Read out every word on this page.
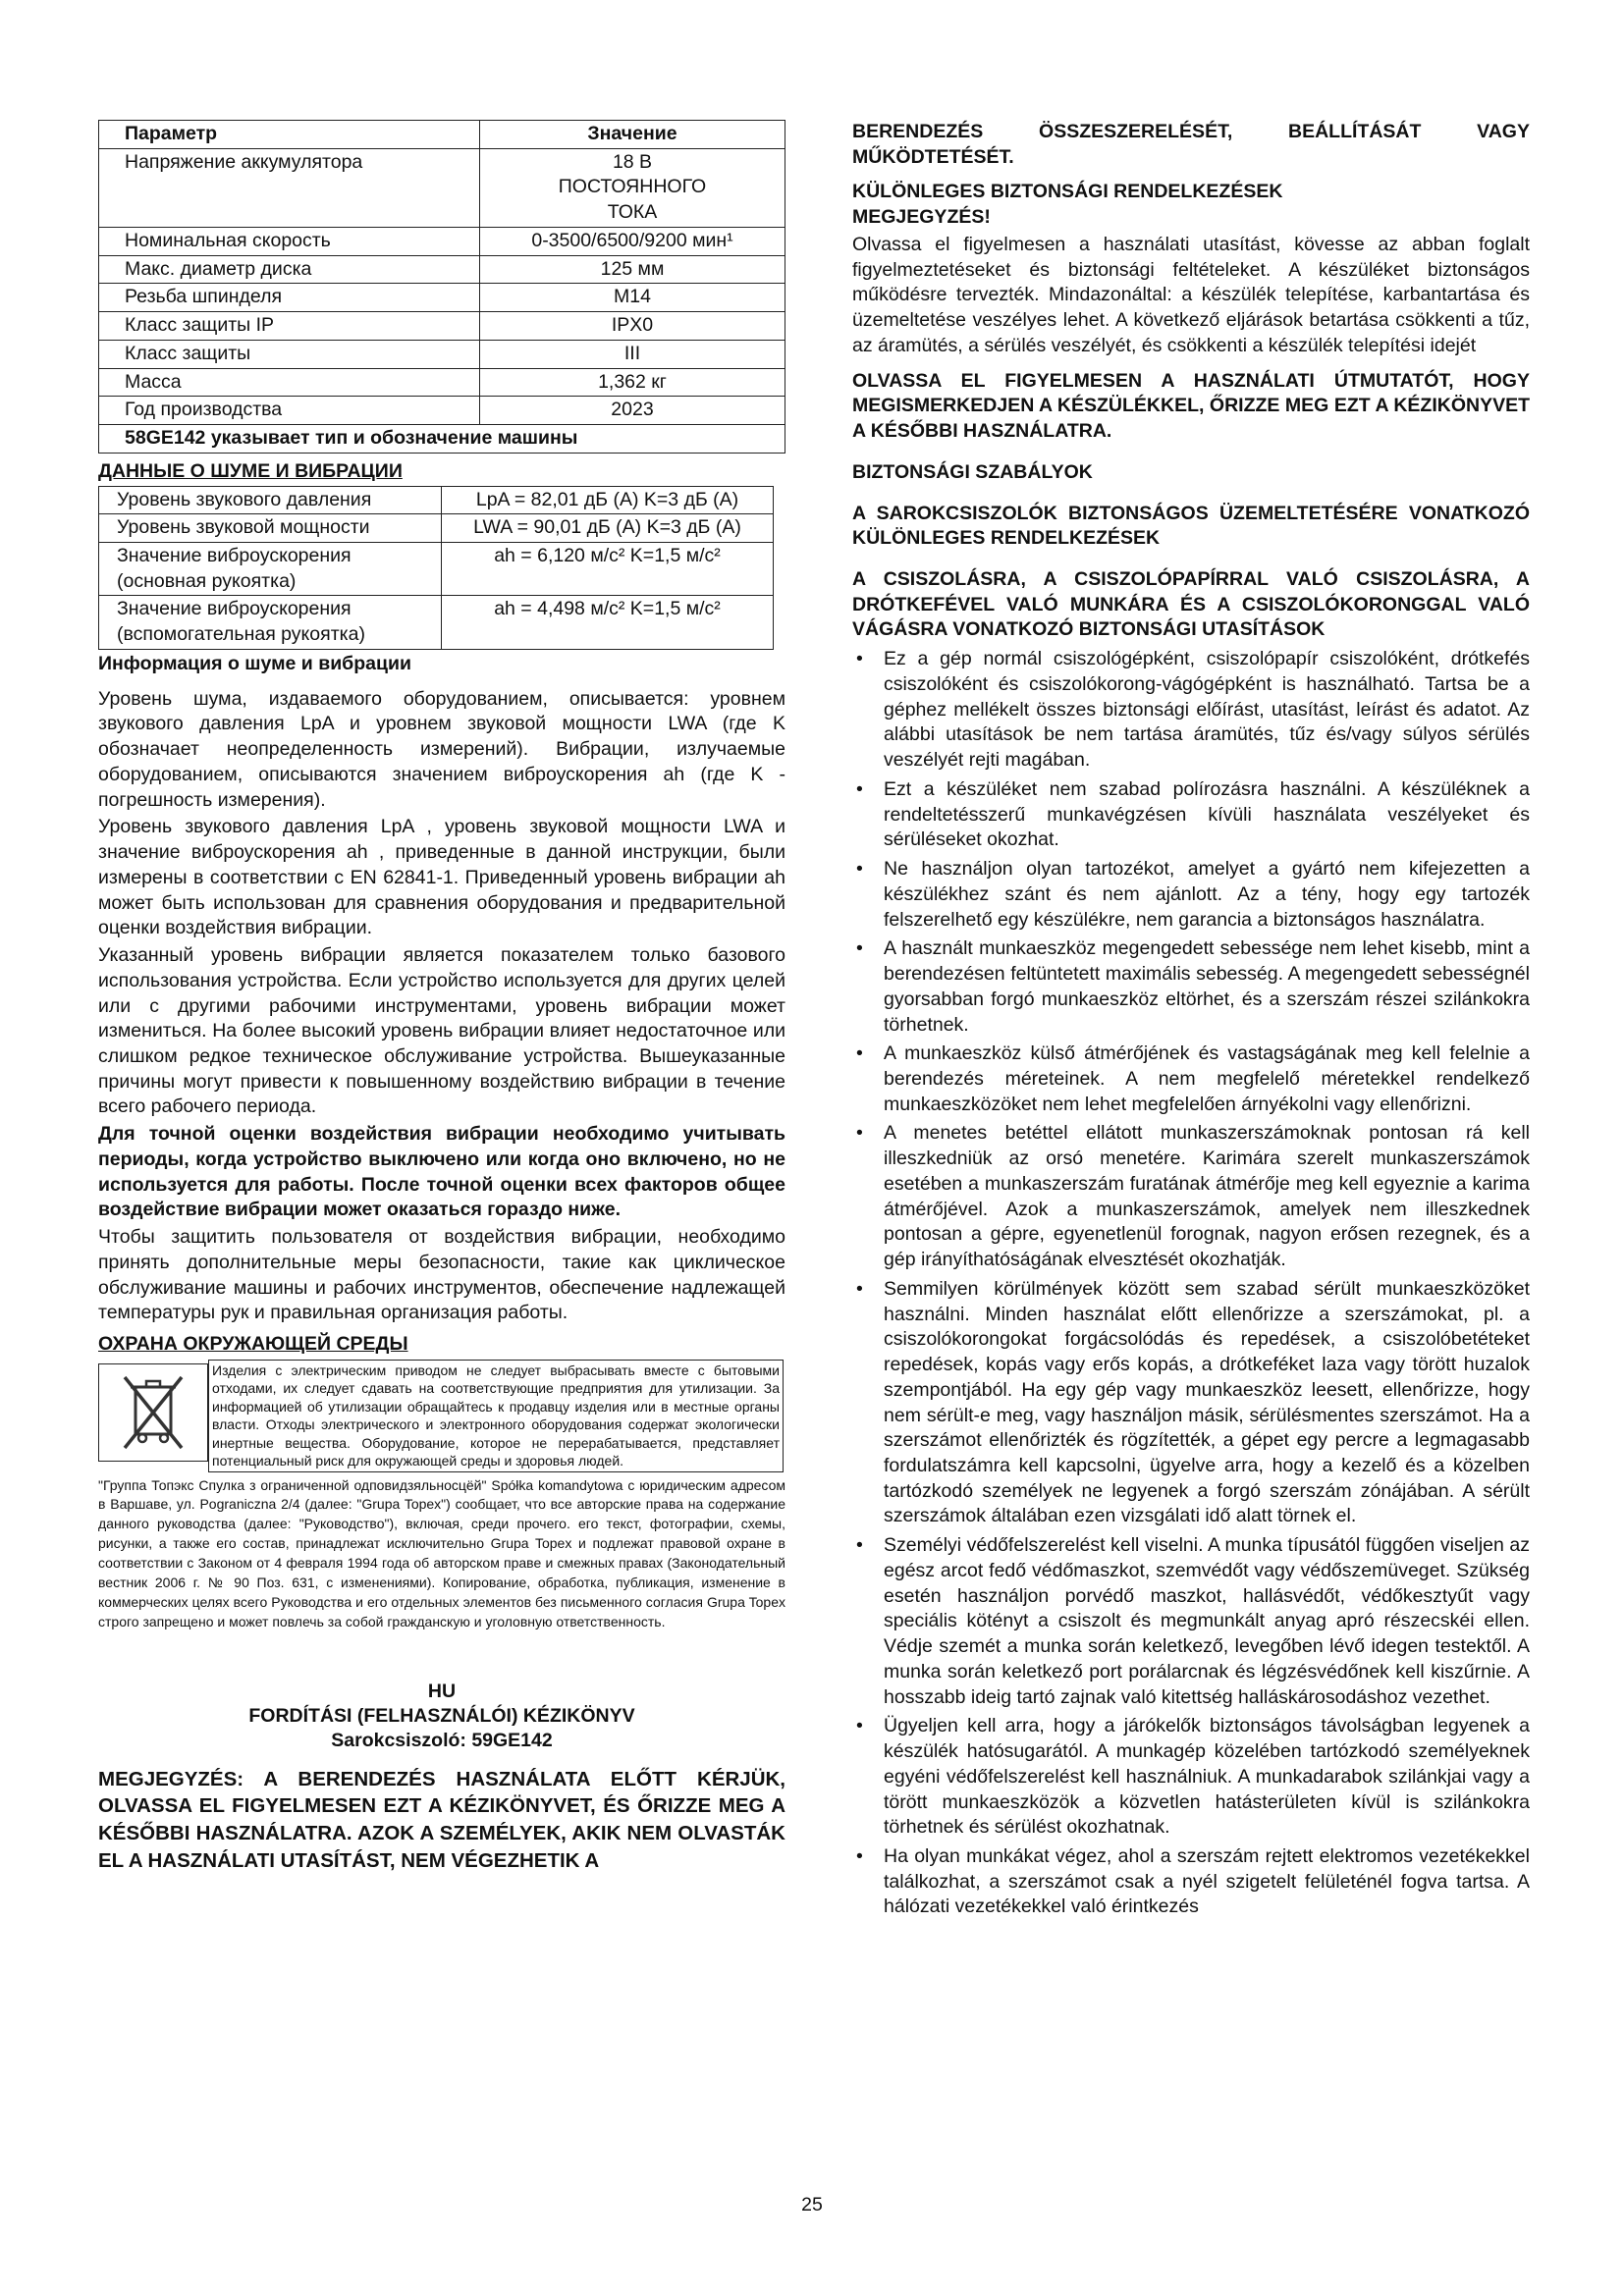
Параметр	Значение
Напряжение аккумулятора	18 В ПОСТОЯННОГО ТОКА
Номинальная скорость	0-3500/6500/9200 мин¹
Макс. диаметр диска	125 мм
Резьба шпинделя	M14
Класс защиты IP	IPX0
Класс защиты	III
Масса	1,362 кг
Год производства	2023
58GE142 указывает тип и обозначение машины	
ДАННЫЕ О ШУМЕ И ВИБРАЦИИ
Уровень звукового давления	LpA = 82,01 дБ (A) K=3 дБ (A)
Уровень звуковой мощности	LWA = 90,01 дБ (A) K=3 дБ (A)
Значение виброускорения (основная рукоятка)	ah = 6,120 м/с² K=1,5 м/с²
Значение виброускорения (вспомогательная рукоятка)	ah = 4,498 м/с² K=1,5 м/с²
Информация о шуме и вибрации

Уровень шума, издаваемого оборудованием, описывается: уровнем звукового давления LpA и уровнем звуковой мощности LWA (где K обозначает неопределенность измерений). Вибрации, излучаемые оборудованием, описываются значением виброускорения ah (где K - погрешность измерения).

Уровень звукового давления LpA , уровень звуковой мощности LWA и значение виброускорения ah , приведенные в данной инструкции, были измерены в соответствии с EN 62841-1. Приведенный уровень вибрации ah может быть использован для сравнения оборудования и предварительной оценки воздействия вибрации.

Указанный уровень вибрации является показателем только базового использования устройства. Если устройство используется для других целей или с другими рабочими инструментами, уровень вибрации может измениться. На более высокий уровень вибрации влияет недостаточное или слишком редкое техническое обслуживание устройства. Вышеуказанные причины могут привести к повышенному воздействию вибрации в течение всего рабочего периода.

Для точной оценки воздействия вибрации необходимо учитывать периоды, когда устройство выключено или когда оно включено, но не используется для работы. После точной оценки всех факторов общее воздействие вибрации может оказаться гораздо ниже.

Чтобы защитить пользователя от воздействия вибрации, необходимо принять дополнительные меры безопасности, такие как циклическое обслуживание машины и рабочих инструментов, обеспечение надлежащей температуры рук и правильная организация работы.

ОХРАНА ОКРУЖАЮЩЕЙ СРЕДЫ
Изделия с электрическим приводом не следует выбрасывать вместе с бытовыми отходами, их следует сдавать на соответствующие предприятия для утилизации. За информацией об утилизации обращайтесь к продавцу изделия или в местные органы власти. Отходы электрического и электронного оборудования содержат экологически инертные вещества. Оборудование, которое не перерабатывается, представляет потенциальный риск для окружающей среды и здоровья людей.

"Группа Топэкс Спулка з ограниченной одповидзяльносцёй" Spółka komandytowa с юридическим адресом в Варшаве, ул. Pograniczna 2/4 (далее: "Grupa Topex") сообщает, что все авторские права на содержание данного руководства (далее: "Руководство"), включая, среди прочего. его текст, фотографии, схемы, рисунки, а также его состав, принадлежат исключительно Grupa Topex и подлежат правовой охране в соответствии с Законом от 4 февраля 1994 года об авторском праве и смежных правах (Законодательный вестник 2006 г. № 90 Поз. 631, с изменениями). Копирование, обработка, публикация, изменение в коммерческих целях всего Руководства и его отдельных элементов без письменного согласия Grupa Topex строго запрещено и может повлечь за собой гражданскую и уголовную ответственность.

HU
FORDÍTÁSI (FELHASZNÁLÓI) KÉZIKÖNYV
Sarokcsiszoló: 59GE142

MEGJEGYZÉS: A BERENDEZÉS HASZNÁLATA ELŐTT KÉRJÜK, OLVASSA EL FIGYELMESEN EZT A KÉZIKÖNYVET, ÉS ŐRIZZE MEG A KÉSŐBBI HASZNÁLATRA. AZOK A SZEMÉLYEK, AKIK NEM OLVASTÁK EL A HASZNÁLATI UTASÍTÁST, NEM VÉGEZHETIK A

BERENDEZÉS ÖSSZESZERELÉSÉT, BEÁLLÍTÁSÁT VAGY MŰKÖDTETÉSÉT.

KÜLÖNLEGES BIZTONSÁGI RENDELKEZÉSEK MEGJEGYZÉS!

Olvassa el figyelmesen a használati utasítást, kövesse az abban foglalt figyelmeztetéseket és biztonsági feltételeket. A készüléket biztonságos működésre tervezték. Mindazonáltal: a készülék telepítése, karbantartása és üzemeltetése veszélyes lehet. A következő eljárások betartása csökkenti a tűz, az áramütés, a sérülés veszélyét, és csökkenti a készülék telepítési idejét

OLVASSA EL FIGYELMESEN A HASZNÁLATI ÚTMUTATÓT, HOGY MEGISMERKEDJEN A KÉSZÜLÉKKEL, ŐRIZZE MEG EZT A KÉZIKÖNYVET A KÉSŐBBI HASZNÁLATRA.

BIZTONSÁGI SZABÁLYOK

A SAROKCSISZOLÓK BIZTONSÁGOS ÜZEMELTETÉSÉRE VONATKOZÓ KÜLÖNLEGES RENDELKEZÉSEK

A CSISZOLÁSRA, A CSISZOLÓPAPÍRRAL VALÓ CSISZOLÁSRA, A DRÓTKEFÉVEL VALÓ MUNKÁRA ÉS A CSISZOLÓKORONGGAL VALÓ VÁGÁSRA VONATKOZÓ BIZTONSÁGI UTASÍTÁSOK

• Ez a gép normál csiszológépként, csiszolópapír csiszolóként, drótkefés csiszolóként és csiszolókorong-vágógépként is használható. Tartsa be a géphez mellékelt összes biztonsági előírást, utasítást, leírást és adatot. Az alábbi utasítások be nem tartása áramütés, tűz és/vagy súlyos sérülés veszélyét rejti magában.
• Ezt a készüléket nem szabad polírozásra használni. A készüléknek a rendeltetésszerű munkavégzésen kívüli használata veszélyeket és sérüléseket okozhat.
• Ne használjon olyan tartozékot, amelyet a gyártó nem kifejezetten a készülékhez szánt és nem ajánlott. Az a tény, hogy egy tartozék felszerelhető egy készülékre, nem garancia a biztonságos használatra.
• A használt munkaeszköz megengedett sebessége nem lehet kisebb, mint a berendezésen feltüntetett maximális sebesség. A megengedett sebességnél gyorsabban forgó munkaeszköz eltörhet, és a szerszám részei szilánkokra törhetnek.
• A munkaeszköz külső átmérőjének és vastagságának meg kell felelnie a berendezés méreteinek. A nem megfelelő méretekkel rendelkező munkaeszközöket nem lehet megfelelően árnyékolni vagy ellenőrizni.
• A menetes betéttel ellátott munkaszerszámoknak pontosan rá kell illeszkedniük az orsó menetére. Karimára szerelt munkaszerszámok esetében a munkaszerszám furatának átmérője meg kell egyeznie a karima átmérőjével. Azok a munkaszerszámok, amelyek nem illeszkednek pontosan a gépre, egyenetlenül forognak, nagyon erősen rezegnek, és a gép irányíthatóságának elvesztését okozhatják.
• Semmilyen körülmények között sem szabad sérült munkaeszközöket használni. Minden használat előtt ellenőrizze a szerszámokat, pl. a csiszolókorongokat forgácsolódás és repedések, a csiszolóbetéteket repedések, kopás vagy erős kopás, a drótkeféket laza vagy törött huzalok szempontjából. Ha egy gép vagy munkaeszköz leesett, ellenőrizze, hogy nem sérült-e meg, vagy használjon másik, sérülésmentes szerszámot. Ha a szerszámot ellenőrizték és rögzítették, a gépet egy percre a legmagasabb fordulatszámra kell kapcsolni, ügyelve arra, hogy a kezelő és a közelben tartózkodó személyek ne legyenek a forgó szerszám zónájában. A sérült szerszámok általában ezen vizsgálati idő alatt törnek el.
• Személyi védőfelszerelést kell viselni. A munka típusától függően viseljen az egész arcot fedő védőmaszkot, szemvédőt vagy védőszemüveget. Szükség esetén használjon porvédő maszkot, hallásvédőt, védőkesztyűt vagy speciális kötényt a csiszolt és megmunkált anyag apró részecskéi ellen. Védje szemét a munka során keletkező, levegőben lévő idegen testektől. A munka során keletkező port porálarcnak és légzésvédőnek kell kiszűrnie. A hosszabb ideig tartó zajnak való kitettség halláskárosodáshoz vezethet.
• Ügyeljen kell arra, hogy a járókelők biztonságos távolságban legyenek a készülék hatósugarától. A munkagép közelében tartózkodó személyeknek egyéni védőfelszerelést kell használniuk. A munkadarabok szilánkjai vagy a törött munkaeszközök a közvetlen hatásterületen kívül is szilánkokra törhetnek és sérülést okozhatnak.
• Ha olyan munkákat végez, ahol a szerszám rejtett elektromos vezetékekkel találkozhat, a szerszámot csak a nyél szigetelt felületénél fogva tartsa. A hálózati vezetékekkel való érintkezés
25
